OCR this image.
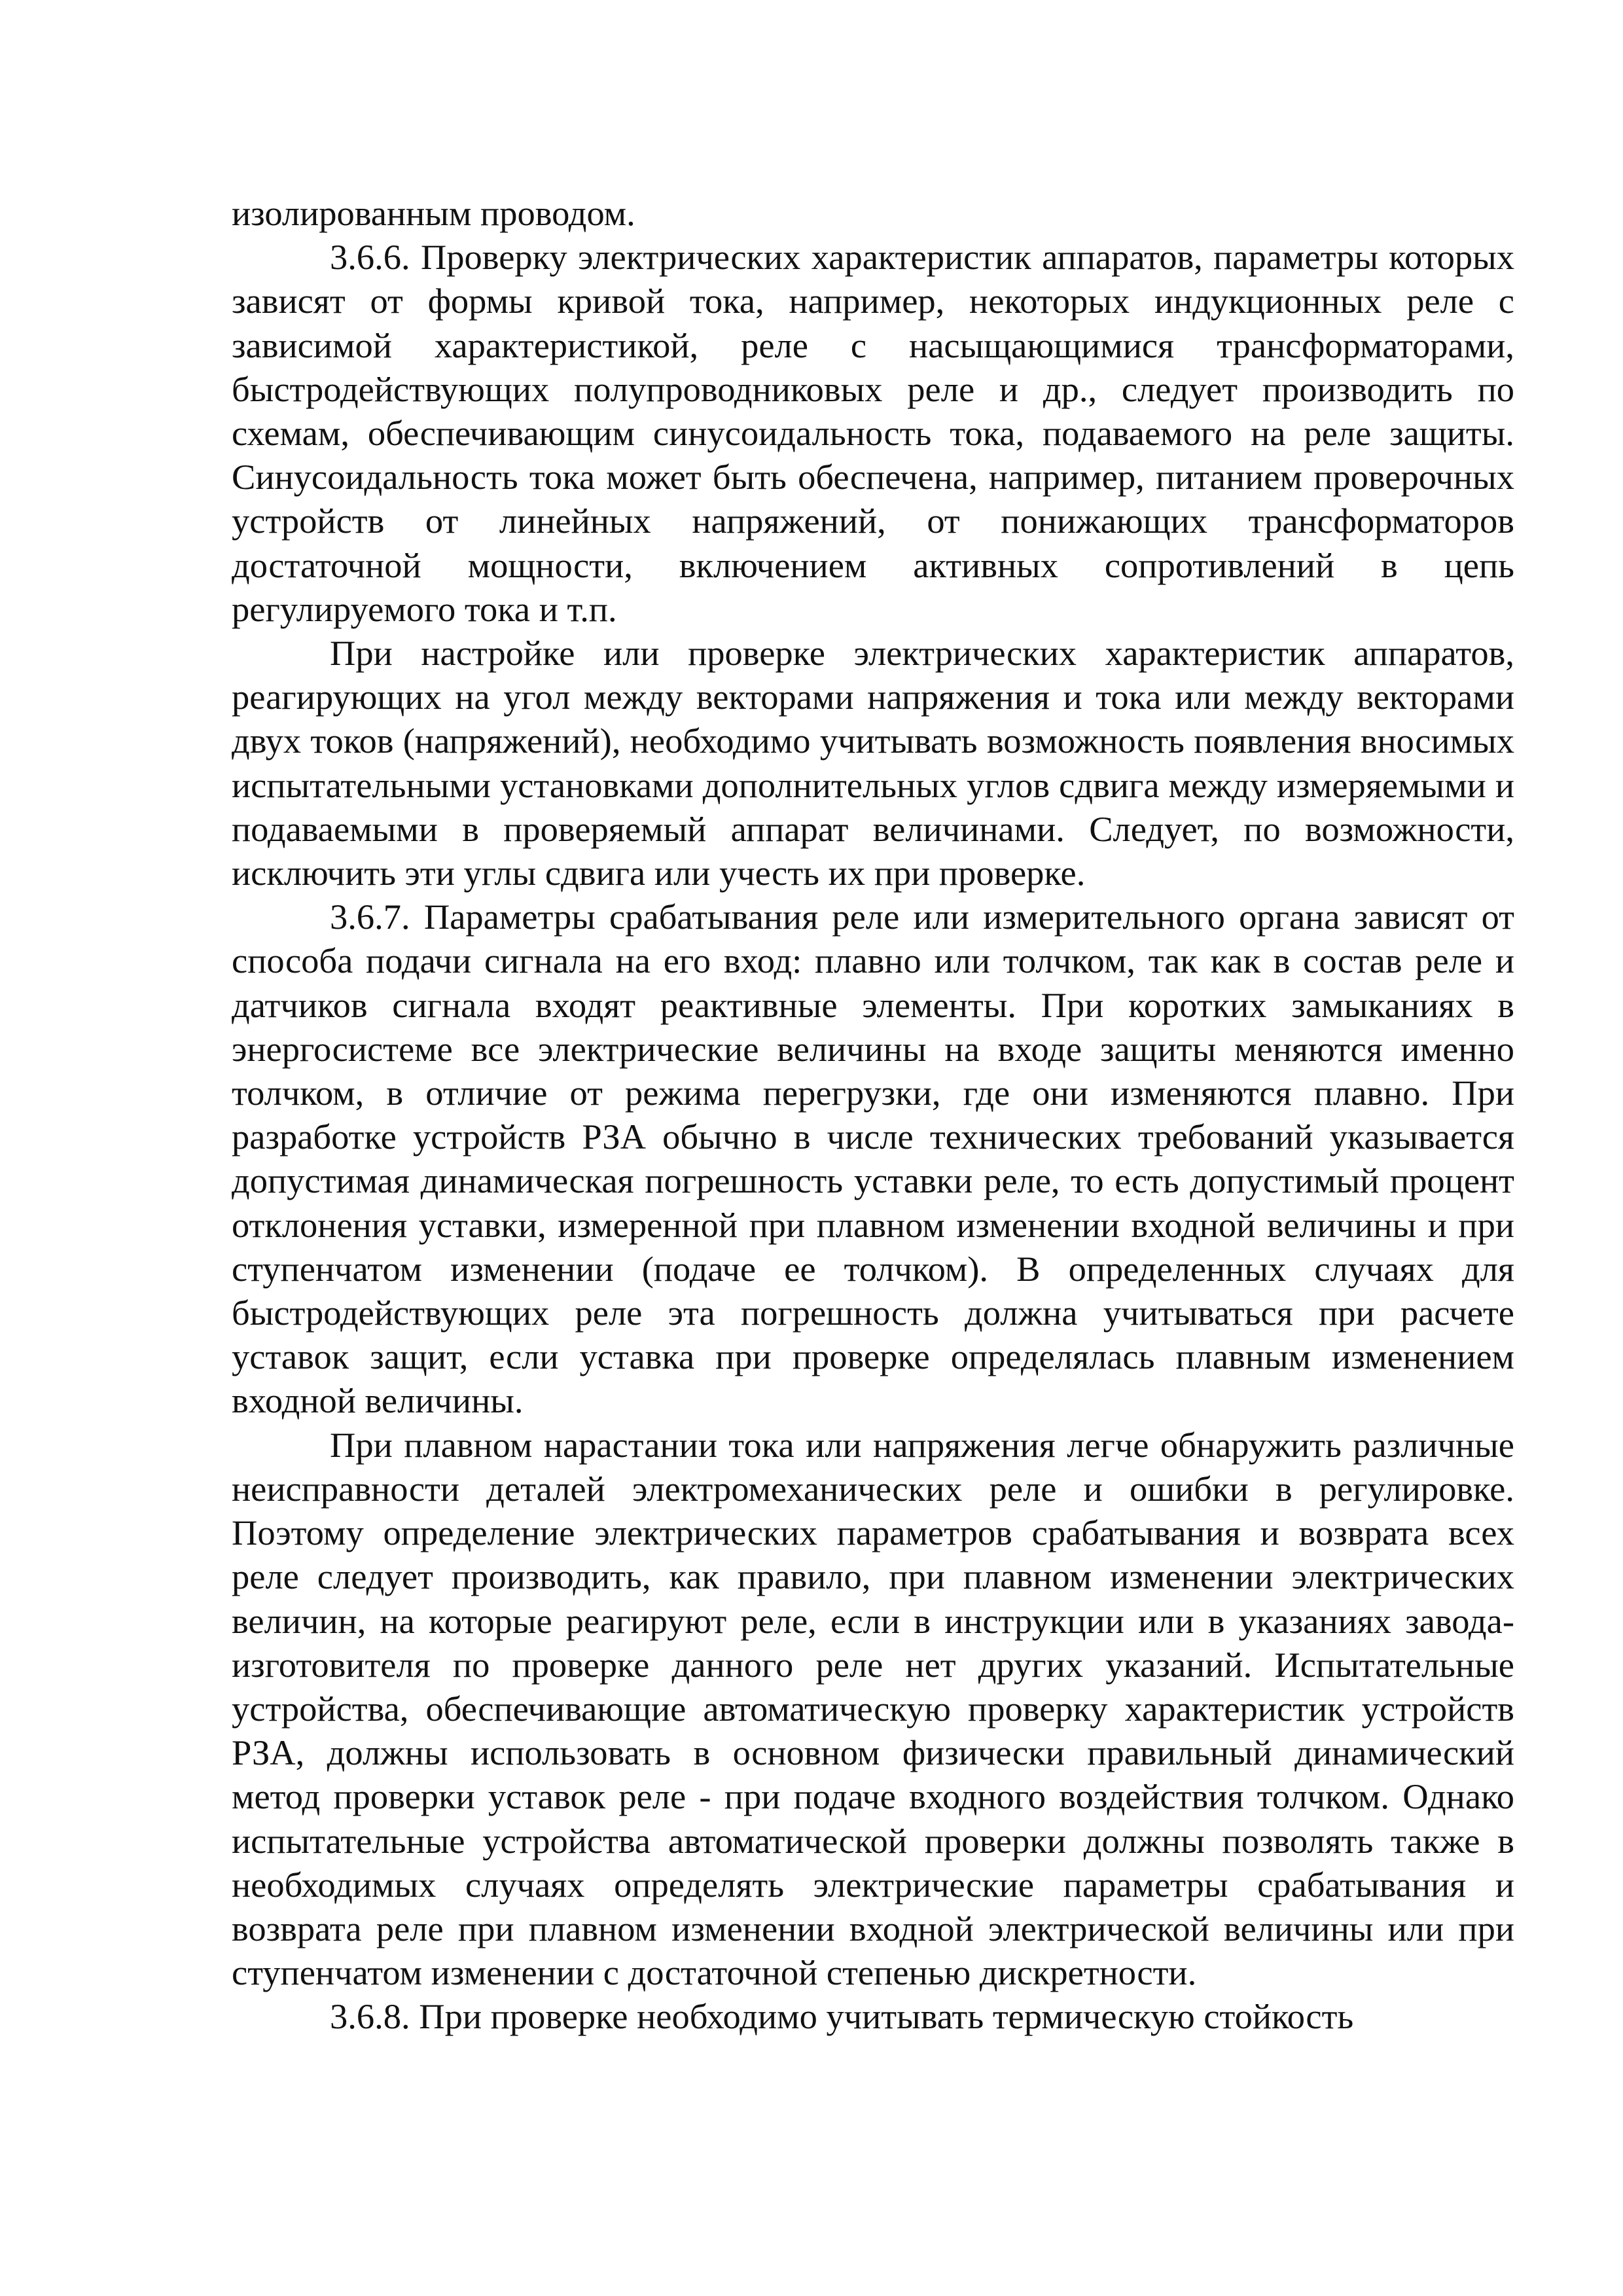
изолированным проводом.

3.6.6. Проверку электрических характеристик аппаратов, параметры которых зависят от формы кривой тока, например, некоторых индукционных реле с зависимой характеристикой, реле с насыщающимися трансформаторами, быстродействующих полупроводниковых реле и др., следует производить по схемам, обеспечивающим синусоидальность тока, подаваемого на реле защиты. Синусоидальность тока может быть обеспечена, например, питанием проверочных устройств от линейных напряжений, от понижающих трансформаторов достаточной мощности, включением активных сопротивлений в цепь регулируемого тока и т.п.

При настройке или проверке электрических характеристик аппаратов, реагирующих на угол между векторами напряжения и тока или между векторами двух токов (напряжений), необходимо учитывать возможность появления вносимых испытательными установками дополнительных углов сдвига между измеряемыми и подаваемыми в проверяемый аппарат величинами. Следует, по возможности, исключить эти углы сдвига или учесть их при проверке.

3.6.7. Параметры срабатывания реле или измерительного органа зависят от способа подачи сигнала на его вход: плавно или толчком, так как в состав реле и датчиков сигнала входят реактивные элементы. При коротких замыканиях в энергосистеме все электрические величины на входе защиты меняются именно толчком, в отличие от режима перегрузки, где они изменяются плавно. При разработке устройств РЗА обычно в числе технических требований указывается допустимая динамическая погрешность уставки реле, то есть допустимый процент отклонения уставки, измеренной при плавном изменении входной величины и при ступенчатом изменении (подаче ее толчком). В определенных случаях для быстродействующих реле эта погрешность должна учитываться при расчете уставок защит, если уставка при проверке определялась плавным изменением входной величины.

При плавном нарастании тока или напряжения легче обнаружить различные неисправности деталей электромеханических реле и ошибки в регулировке. Поэтому определение электрических параметров срабатывания и возврата всех реле следует производить, как правило, при плавном изменении электрических величин, на которые реагируют реле, если в инструкции или в указаниях завода-изготовителя по проверке данного реле нет других указаний. Испытательные устройства, обеспечивающие автоматическую проверку характеристик устройств РЗА, должны использовать в основном физически правильный динамический метод проверки уставок реле - при подаче входного воздействия толчком. Однако испытательные устройства автоматической проверки должны позволять также в необходимых случаях определять электрические параметры срабатывания и возврата реле при плавном изменении входной электрической величины или при ступенчатом изменении с достаточной степенью дискретности.

3.6.8. При проверке необходимо учитывать термическую стойкость
